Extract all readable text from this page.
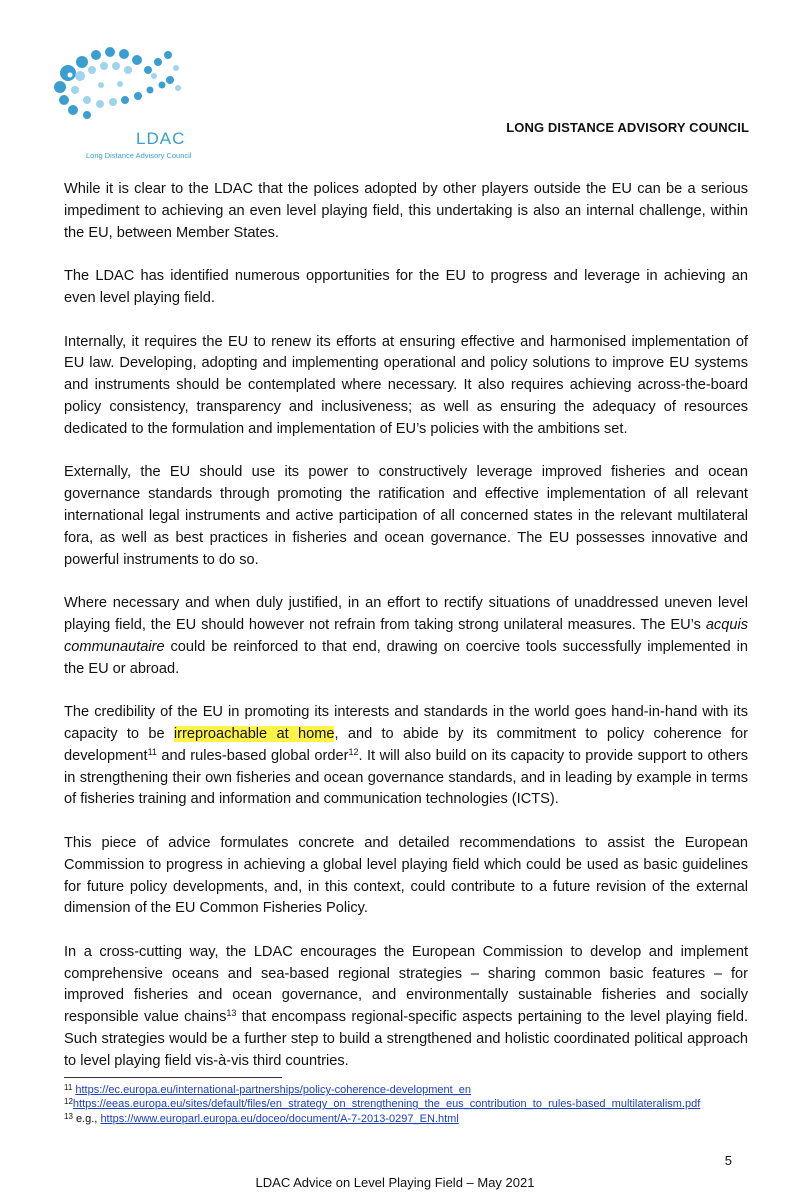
LDAC
Long Distance Advisory Council
LONG DISTANCE ADVISORY COUNCIL

While it is clear to the LDAC that the polices adopted by other players outside the EU can be a serious impediment to achieving an even level playing field, this undertaking is also an internal challenge, within the EU, between Member States.

The LDAC has identified numerous opportunities for the EU to progress and leverage in achieving an even level playing field.

Internally, it requires the EU to renew its efforts at ensuring effective and harmonised implementation of EU law. Developing, adopting and implementing operational and policy solutions to improve EU systems and instruments should be contemplated where necessary. It also requires achieving across-the-board policy consistency, transparency and inclusiveness; as well as ensuring the adequacy of resources dedicated to the formulation and implementation of EU’s policies with the ambitions set.

Externally, the EU should use its power to constructively leverage improved fisheries and ocean governance standards through promoting the ratification and effective implementation of all relevant international legal instruments and active participation of all concerned states in the relevant multilateral fora, as well as best practices in fisheries and ocean governance. The EU possesses innovative and powerful instruments to do so.

Where necessary and when duly justified, in an effort to rectify situations of unaddressed uneven level playing field, the EU should however not refrain from taking strong unilateral measures. The EU’s acquis communautaire could be reinforced to that end, drawing on coercive tools successfully implemented in the EU or abroad.

The credibility of the EU in promoting its interests and standards in the world goes hand-in-hand with its capacity to be irreproachable at home, and to abide by its commitment to policy coherence for development$^{11}$ and rules-based global order$^{12}$. It will also build on its capacity to provide support to others in strengthening their own fisheries and ocean governance standards, and in leading by example in terms of fisheries training and information and communication technologies (ICTS).

This piece of advice formulates concrete and detailed recommendations to assist the European Commission to progress in achieving a global level playing field which could be used as basic guidelines for future policy developments, and, in this context, could contribute to a future revision of the external dimension of the EU Common Fisheries Policy.

In a cross-cutting way, the LDAC encourages the European Commission to develop and implement comprehensive oceans and sea-based regional strategies – sharing common basic features – for improved fisheries and ocean governance, and environmentally sustainable fisheries and socially responsible value chains$^{13}$ that encompass regional-specific aspects pertaining to the level playing field. Such strategies would be a further step to build a strengthened and holistic coordinated political approach to level playing field vis-à-vis third countries.

$^{11}$ https://ec.europa.eu/international-partnerships/policy-coherence-development_en
$^{12}$https://eeas.europa.eu/sites/default/files/en_strategy_on_strengthening_the_eus_contribution_to_rules-based_multilateralism.pdf
$^{13}$ e.g., https://www.europarl.europa.eu/doceo/document/A-7-2013-0297_EN.html
5
LDAC Advice on Level Playing Field – May 2021
